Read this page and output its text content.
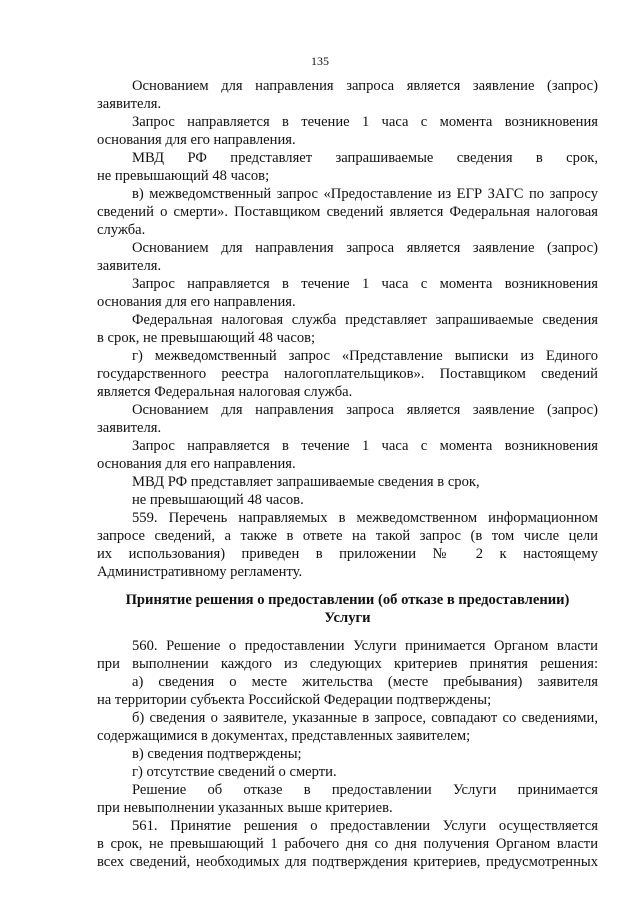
135
Основанием для направления запроса является заявление (запрос)
заявителя.
Запрос направляется в течение 1 часа с момента возникновения
основания для его направления.
МВД РФ представляет запрашиваемые сведения в срок,
не превышающий 48 часов;
в) межведомственный запрос «Предоставление из ЕГР ЗАГС по запросу
сведений о смерти». Поставщиком сведений является Федеральная налоговая
служба.
Основанием для направления запроса является заявление (запрос)
заявителя.
Запрос направляется в течение 1 часа с момента возникновения
основания для его направления.
Федеральная налоговая служба представляет запрашиваемые сведения
в срок, не превышающий 48 часов;
г) межведомственный запрос «Представление выписки из Единого
государственного реестра налогоплательщиков». Поставщиком сведений
является Федеральная налоговая служба.
Основанием для направления запроса является заявление (запрос)
заявителя.
Запрос направляется в течение 1 часа с момента возникновения
основания для его направления.
МВД РФ представляет запрашиваемые сведения в срок,
не превышающий 48 часов.
559. Перечень направляемых в межведомственном информационном
запросе сведений, а также в ответе на такой запрос (в том числе цели
их использования) приведен в приложении № 2 к настоящему
Административному регламенту.
Принятие решения о предоставлении (об отказе в предоставлении)
Услуги
560. Решение о предоставлении Услуги принимается Органом власти
при выполнении каждого из следующих критериев принятия решения:
а) сведения о месте жительства (месте пребывания) заявителя
на территории субъекта Российской Федерации подтверждены;
б) сведения о заявителе, указанные в запросе, совпадают со сведениями,
содержащимися в документах, представленных заявителем;
в) сведения подтверждены;
г) отсутствие сведений о смерти.
Решение об отказе в предоставлении Услуги принимается
при невыполнении указанных выше критериев.
561. Принятие решения о предоставлении Услуги осуществляется
в срок, не превышающий 1 рабочего дня со дня получения Органом власти
всех сведений, необходимых для подтверждения критериев, предусмотренных
